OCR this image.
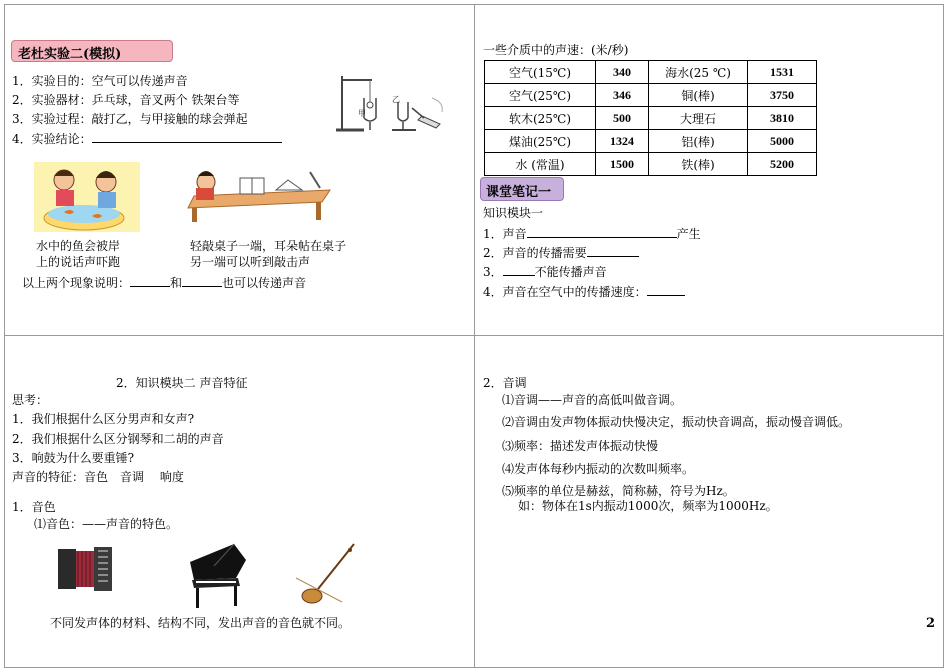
老杜实验二(模拟)
1．实验目的：空气可以传递声音
2．实验器材：乒乓球，音叉两个 铁架台等
3．实验过程：敲打乙，与甲接触的球会弹起
4．实验结论：
甲
乙
水中的鱼会被岸
上的说话声吓跑
轻敲桌子一端，耳朵帖在桌子
另一端可以听到敲击声
以上两个现象说明：	和	也可以传递声音
一些介质中的声速：(米/秒)
空气(15℃)	340	海水(25 ℃)	1531
空气(25℃)	346	铜(棒)	3750
软木(25℃)	500	大理石	3810
煤油(25℃)	1324	铝(棒)	5000
水 (常温)	1500	铁(棒)	5200
课堂笔记一
知识模块一
1．声音	产生
2．声音的传播需要
3．	不能传播声音
4．声音在空气中的传播速度：
2．知识模块二 声音特征
思考：
1．我们根据什么区分男声和女声?
2．我们根据什么区分钢琴和二胡的声音
3．响鼓为什么要重锤?
声音的特征：音色　音调　 响度
1．音色
⑴音色：——声音的特色。
不同发声体的材料、结构不同，发出声音的音色就不同。
2．音调
⑴音调——声音的高低叫做音调。
⑵音调由发声物体振动快慢决定，振动快音调高，振动慢音调低。
⑶频率：描述发声体振动快慢
⑷发声体每秒内振动的次数叫频率。
⑸频率的单位是赫兹，简称赫，符号为Hz。
如：物体在1s内振动1000次，频率为1000Hz。
2
